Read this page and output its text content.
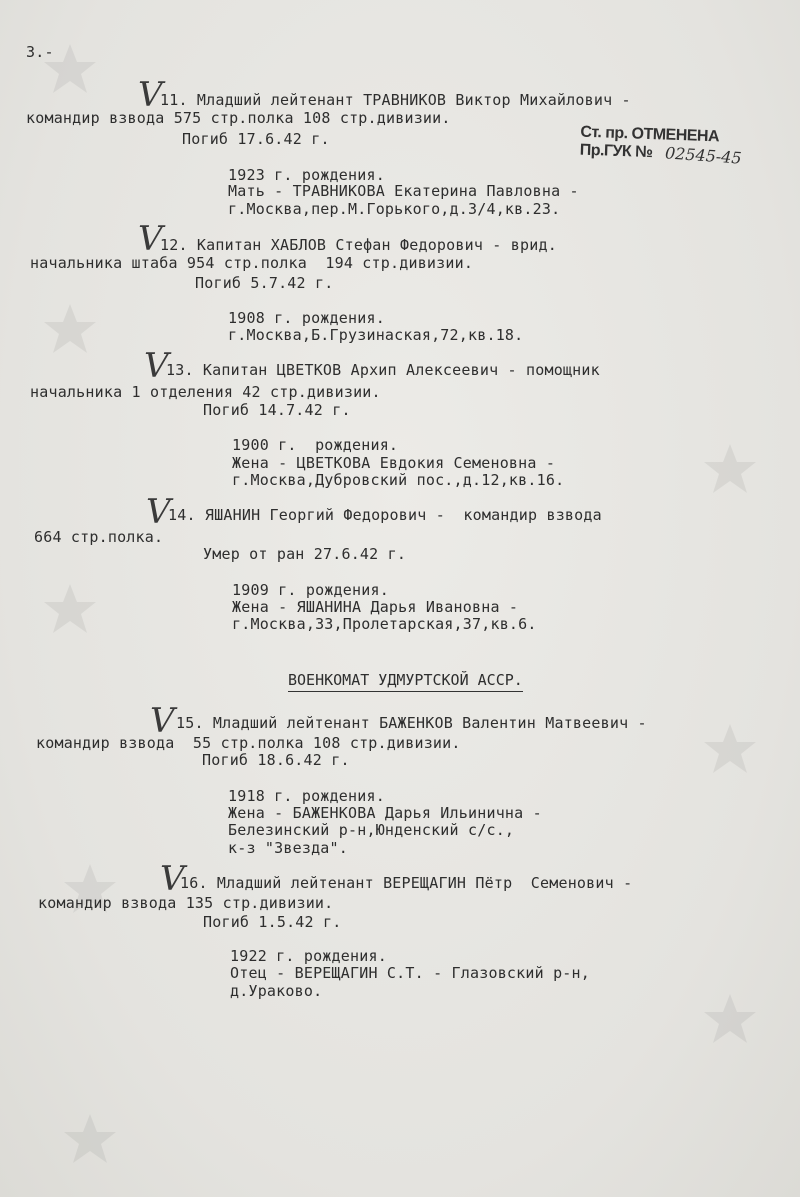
3.-
Ст. пр. ОТМЕНЕНА
Пр.ГУК № 02545-45
V
11. Младший лейтенант ТРАВНИКОВ Виктор Михайлович -
командир взвода 575 стр.полка 108 стр.дивизии.
Погиб 17.6.42 г.
1923 г. рождения.
Мать - ТРАВНИКОВА Екатерина Павловна -
г.Москва,пер.М.Горького,д.3/4,кв.23.
V
12. Капитан ХАБЛОВ Стефан Федорович - врид.
начальника штаба 954 стр.полка  194 стр.дивизии.
Погиб 5.7.42 г.
1908 г. рождения.
г.Москва,Б.Грузинаская,72,кв.18.
V
13. Капитан ЦВЕТКОВ Архип Алексеевич - помощник
начальника 1 отделения 42 стр.дивизии.
Погиб 14.7.42 г.
1900 г.  рождения.
Жена - ЦВЕТКОВА Евдокия Семеновна -
г.Москва,Дубровский пос.,д.12,кв.16.
V
14. ЯШАНИН Георгий Федорович -  командир взвода
664 стр.полка.
Умер от ран 27.6.42 г.
1909 г. рождения.
Жена - ЯШАНИНА Дарья Ивановна -
г.Москва,33,Пролетарская,37,кв.6.
ВОЕНКОМАТ УДМУРТСКОЙ АССР.
V 15. Младший лейтенант БАЖЕНКОВ Валентин Матвеевич -
командир взвода  55 стр.полка 108 стр.дивизии.
Погиб 18.6.42 г.
1918 г. рождения.
Жена - БАЖЕНКОВА Дарья Ильинична -
Белезинский р-н,Юнденский с/с.,
к-з "Звезда".
V
16. Младший лейтенант ВЕРЕЩАГИН Пётр  Семенович -
командир взвода 135 стр.дивизии.
Погиб 1.5.42 г.
1922 г. рождения.
Отец - ВЕРЕЩАГИН С.Т. - Глазовский р-н,
д.Ураково.
